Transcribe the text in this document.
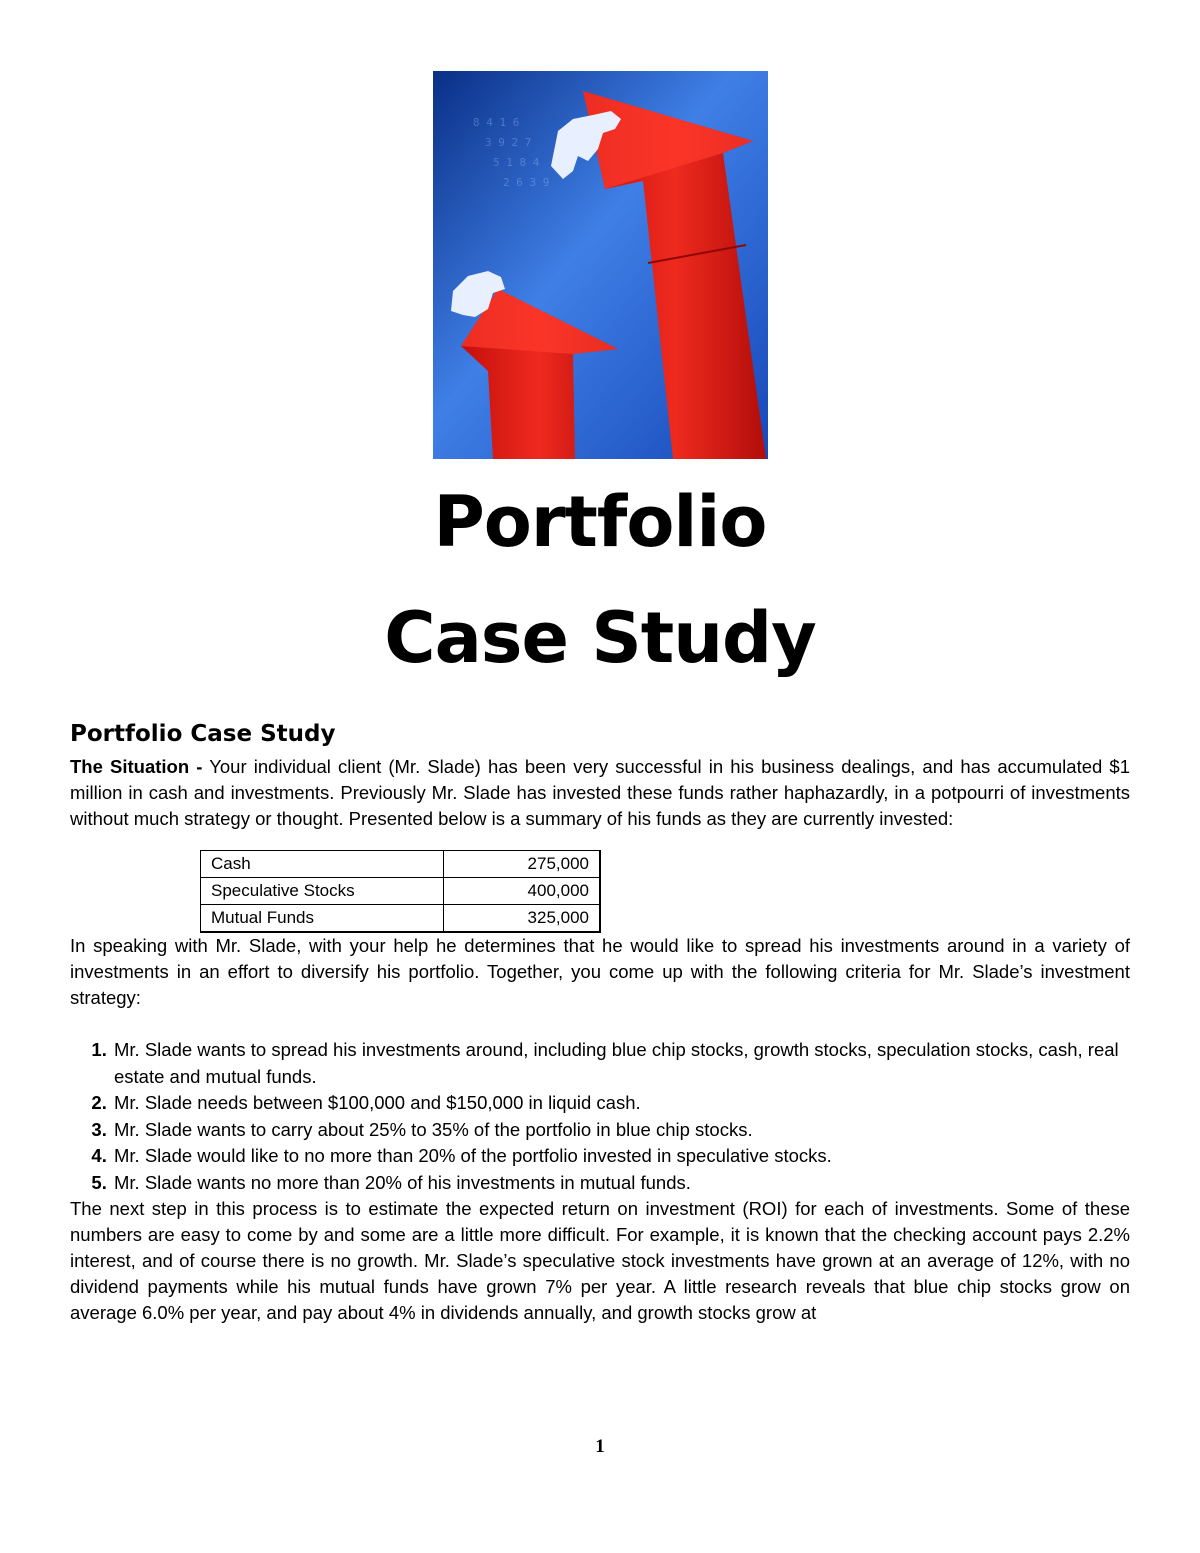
8 4 1 6
3 9 2 7
5 1 8 4
2 6 3 9
Portfolio
Case Study
Portfolio Case Study

The Situation - Your individual client (Mr. Slade) has been very successful in his business dealings, and has accumulated $1 million in cash and investments. Previously Mr. Slade has invested these funds rather haphazardly, in a potpourri of investments without much strategy or thought. Presented below is a summary of his funds as they are currently invested:

Cash	275,000
Speculative Stocks	400,000
Mutual Funds	325,000

In speaking with Mr. Slade, with your help he determines that he would like to spread his investments around in a variety of investments in an effort to diversify his portfolio. Together, you come up with the following criteria for Mr. Slade’s investment strategy:

1. Mr. Slade wants to spread his investments around, including blue chip stocks, growth stocks, speculation stocks, cash, real estate and mutual funds.
2. Mr. Slade needs between $100,000 and $150,000 in liquid cash.
3. Mr. Slade wants to carry about 25% to 35% of the portfolio in blue chip stocks.
4. Mr. Slade would like to no more than 20% of the portfolio invested in speculative stocks.
5. Mr. Slade wants no more than 20% of his investments in mutual funds.

The next step in this process is to estimate the expected return on investment (ROI) for each of investments. Some of these numbers are easy to come by and some are a little more difficult. For example, it is known that the checking account pays 2.2% interest, and of course there is no growth. Mr. Slade’s speculative stock investments have grown at an average of 12%, with no dividend payments while his mutual funds have grown 7% per year. A little research reveals that blue chip stocks grow on average 6.0% per year, and pay about 4% in dividends annually, and growth stocks grow at

1
